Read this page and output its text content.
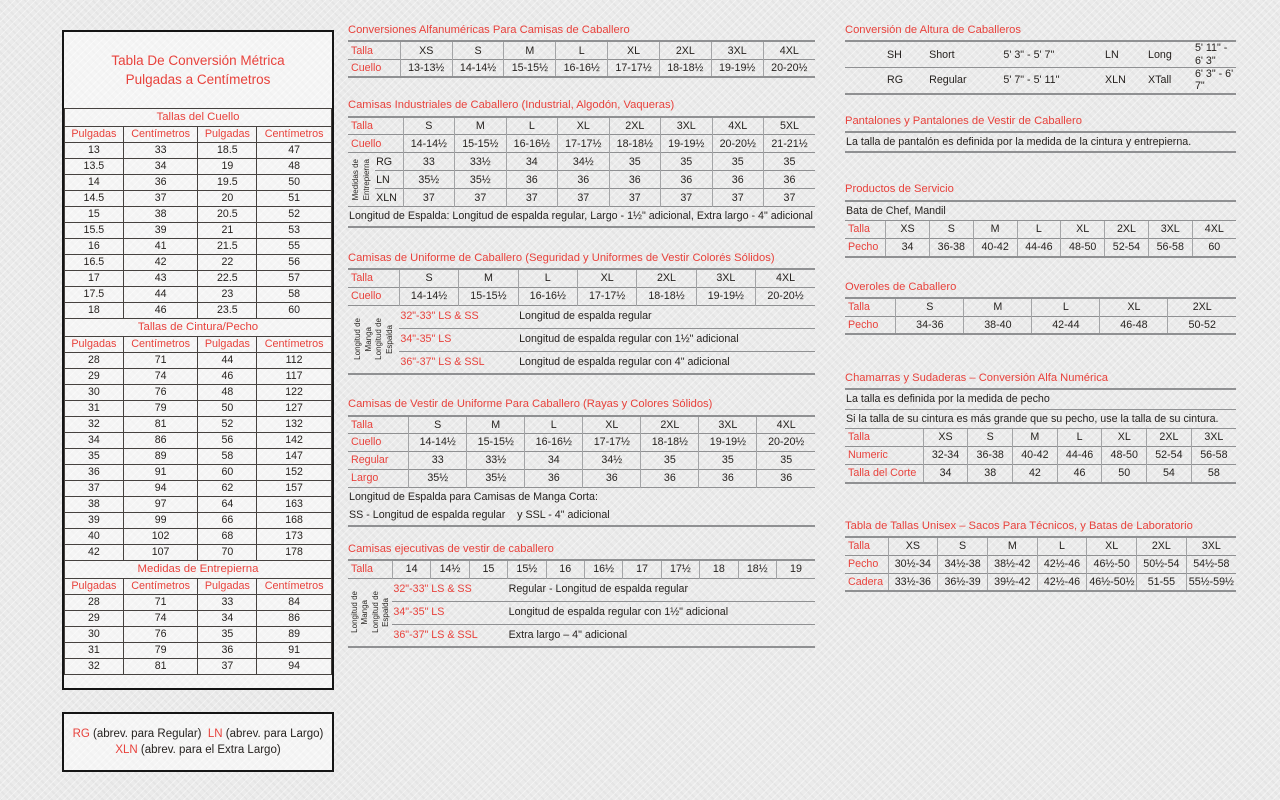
Tabla De Conversión Métrica
Pulgadas a Centímetros
Tallas del Cuello			
Pulgadas	Centímetros	Pulgadas	Centímetros
13	33	18.5	47
13.5	34	19	48
14	36	19.5	50
14.5	37	20	51
15	38	20.5	52
15.5	39	21	53
16	41	21.5	55
16.5	42	22	56
17	43	22.5	57
17.5	44	23	58
18	46	23.5	60
Tallas de Cintura/Pecho			
Pulgadas	Centímetros	Pulgadas	Centímetros
28	71	44	112
29	74	46	117
30	76	48	122
31	79	50	127
32	81	52	132
34	86	56	142
35	89	58	147
36	91	60	152
37	94	62	157
38	97	64	163
39	99	66	168
40	102	68	173
42	107	70	178
Medidas de Entrepierna			
Pulgadas	Centímetros	Pulgadas	Centímetros
28	71	33	84
29	74	34	86
30	76	35	89
31	79	36	91
32	81	37	94
RG (abrev. para Regular) LN (abrev. para Largo)
XLN (abrev. para el Extra Largo)
Conversiones Alfanuméricas Para Camisas de Caballero
Talla	XS	S	M	L	XL	2XL	3XL	4XL
Cuello	13-13½	14-14½	15-15½	16-16½	17-17½	18-18½	19-19½	20-20½
Camisas Industriales de Caballero (Industrial, Algodón, Vaqueras)
Talla		S	M	L	XL	2XL	3XL	4XL	5XL
Cuello		14-14½	15-15½	16-16½	17-17½	18-18½	19-19½	20-20½	21-21½

Medidas de Entrepierna	RG	33	33½	34	34½	35	35	35	35
	LN	35½	35½	36	36	36	36	36	36
	XLN	37	37	37	37	37	37	37	37
Longitud de Espalda: Longitud de espalda regular, Largo - 1½" adicional, Extra largo - 4" adicional									
Camisas de Uniforme de Caballero (Seguridad y Uniformes de Vestir Colorés Sólidos)
Talla	S	M	L	XL	2XL	3XL	4XL
Cuello	14-14½	15-15½	16-16½	17-17½	18-18½	19-19½	20-20½

Longitud de Manga Longitud de Espalda	32"-33" LS & SS		Longitud de espalda regular				
	34"-35" LS		Longitud de espalda regular con 1½" adicional				
	36"-37" LS & SSL		Longitud de espalda regular con 4" adicional				
Camisas de Vestir de Uniforme Para Caballero (Rayas y Colores Sólidos)
Talla	S	M	L	XL	2XL	3XL	4XL
Cuello	14-14½	15-15½	16-16½	17-17½	18-18½	19-19½	20-20½
Regular	33	33½	34	34½	35	35	35
Largo	35½	35½	36	36	36	36	36
Longitud de Espalda para Camisas de Manga Corta:							
SS - Longitud de espalda regular    y SSL - 4" adicional							
Camisas ejecutivas de vestir de caballero
Talla	14	14½	15	15½	16	16½	17	17½	18	18½	19

Longitud de Manga Longitud de Espalda	32"-33" LS & SS			Regular - Longitud de espalda regular							
	34"-35" LS			Longitud de espalda regular con 1½" adicional							
	36"-37" LS & SSL			Extra largo – 4" adicional							
Conversión de Altura de Caballeros
SH	Short	5' 3" - 5' 7"	LN	Long	5' 11" - 6' 3"
RG	Regular	5' 7" - 5' 11"	XLN	XTall	6' 3" - 6' 7"
Pantalones y Pantalones de Vestir de Caballero
La talla de pantalón es definida por la medida de la cintura y entrepierna.
Productos de Servicio
Bata de Chef, Mandil								
Talla	XS	S	M	L	XL	2XL	3XL	4XL
Pecho	34	36-38	40-42	44-46	48-50	52-54	56-58	60
Overoles de Caballero
Talla	S	M	L	XL	2XL
Pecho	34-36	38-40	42-44	46-48	50-52
Chamarras y Sudaderas – Conversión Alfa Numérica
La talla es definida por la medida de pecho							
Si la talla de su cintura es más grande que su pecho, use la talla de su cintura.							
Talla	XS	S	M	L	XL	2XL	3XL
Numeric	32-34	36-38	40-42	44-46	48-50	52-54	56-58
Talla del Corte	34	38	42	46	50	54	58
Tabla de Tallas Unisex – Sacos Para Técnicos, y Batas de Laboratorio
Talla	XS	S	M	L	XL	2XL	3XL
Pecho	30½-34	34½-38	38½-42	42½-46	46½-50	50½-54	54½-58
Cadera	33½-36	36½-39	39½-42	42½-46	46½-50½	51-55	55½-59½
